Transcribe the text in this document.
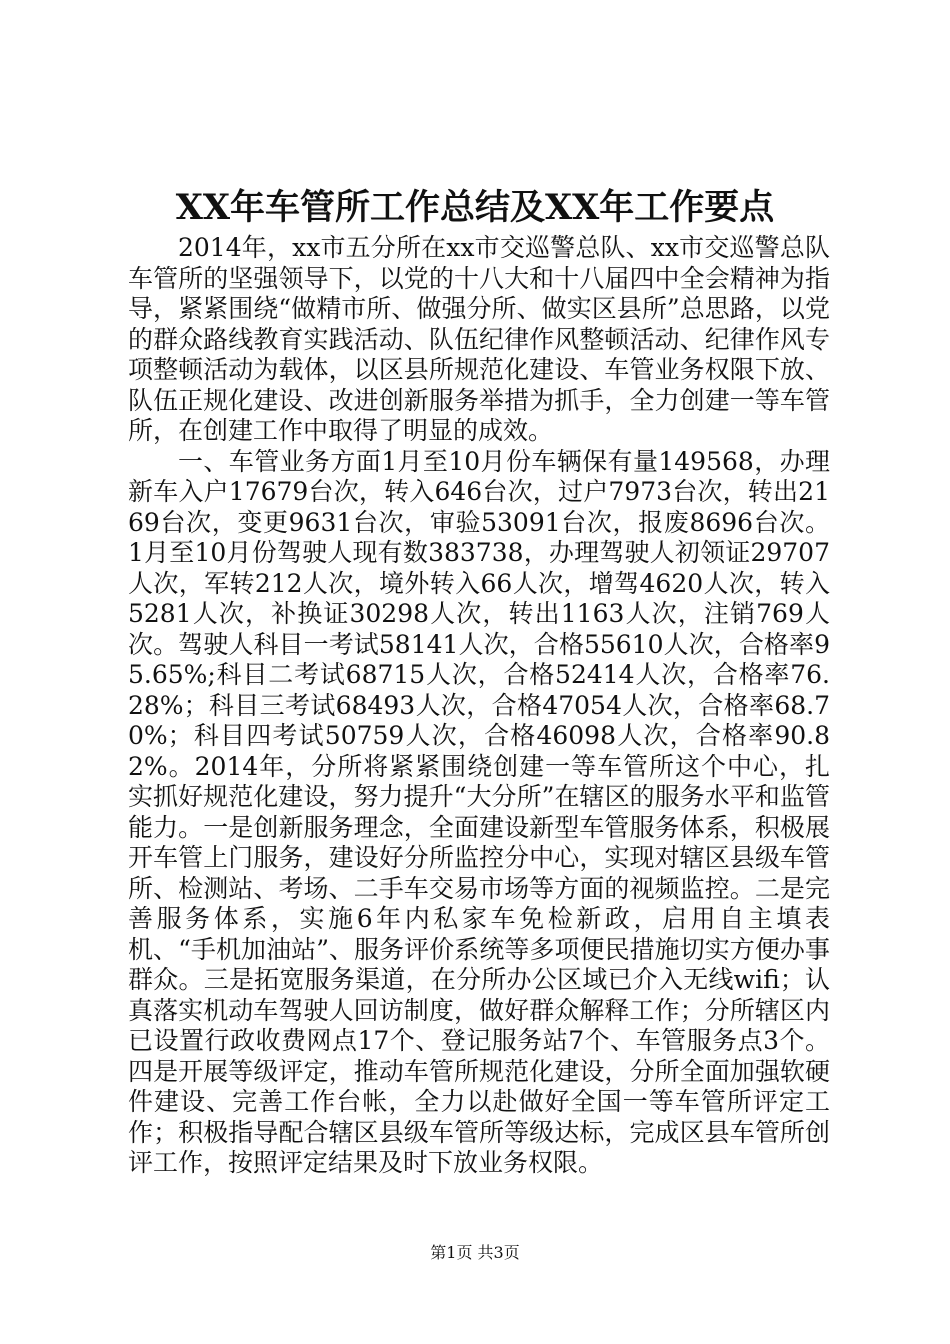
XX年车管所工作总结及XX年工作要点

2014年，xx市五分所在xx市交巡警总队、xx市交巡警总队车管所的坚强领导下，以党的十八大和十八届四中全会精神为指导，紧紧围绕“做精市所、做强分所、做实区县所”总思路，以党的群众路线教育实践活动、队伍纪律作风整顿活动、纪律作风专项整顿活动为载体，以区县所规范化建设、车管业务权限下放、队伍正规化建设、改进创新服务举措为抓手，全力创建一等车管所，在创建工作中取得了明显的成效。

一、车管业务方面1月至10月份车辆保有量149568，办理新车入户17679台次，转入646台次，过户7973台次，转出2169台次，变更9631台次，审验53091台次，报废8696台次。1月至10月份驾驶人现有数383738，办理驾驶人初领证29707人次，军转212人次，境外转入66人次，增驾4620人次，转入5281人次，补换证30298人次，转出1163人次，注销769人次。驾驶人科目一考试58141人次，合格55610人次，合格率95.65%;科目二考试68715人次，合格52414人次，合格率76.28%；科目三考试68493人次，合格47054人次，合格率68.70%；科目四考试50759人次，合格46098人次，合格率90.82%。2014年，分所将紧紧围绕创建一等车管所这个中心，扎实抓好规范化建设，努力提升“大分所”在辖区的服务水平和监管能力。一是创新服务理念，全面建设新型车管服务体系，积极展开车管上门服务，建设好分所监控分中心，实现对辖区县级车管所、检测站、考场、二手车交易市场等方面的视频监控。二是完善服务体系，实施6年内私家车免检新政，启用自主填表机、“手机加油站”、服务评价系统等多项便民措施切实方便办事群众。三是拓宽服务渠道，在分所办公区域已介入无线wifi；认真落实机动车驾驶人回访制度，做好群众解释工作；分所辖区内已设置行政收费网点17个、登记服务站7个、车管服务点3个。四是开展等级评定，推动车管所规范化建设，分所全面加强软硬件建设、完善工作台帐，全力以赴做好全国一等车管所评定工作；积极指导配合辖区县级车管所等级达标，完成区县车管所创评工作，按照评定结果及时下放业务权限。

第1页 共3页
